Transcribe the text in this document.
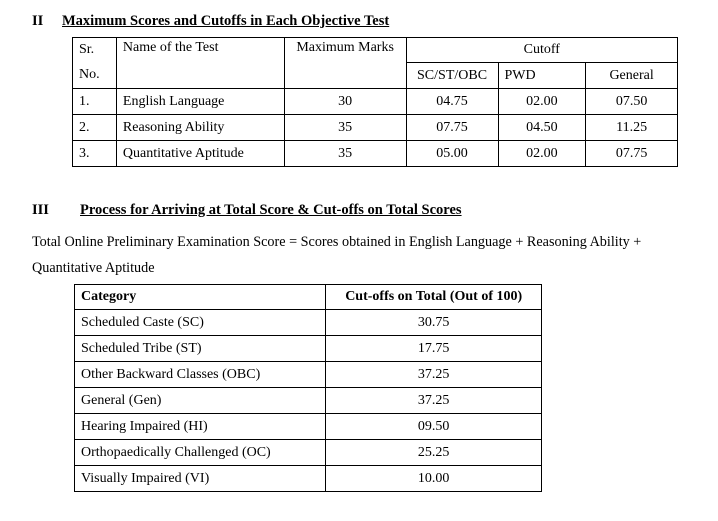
II Maximum Scores and Cutoffs in Each Objective Test
Sr.	Name of the Test	Maximum Marks	Cutoff		
No.			SC/ST/OBC	PWD	General
1.	English Language	30	04.75	02.00	07.50
2.	Reasoning Ability	35	07.75	04.50	11.25
3.	Quantitative Aptitude	35	05.00	02.00	07.75
III Process for Arriving at Total Score & Cut-offs on Total Scores
Total Online Preliminary Examination Score = Scores obtained in English Language + Reasoning Ability +
Quantitative Aptitude
Category	Cut-offs on Total (Out of 100)
Scheduled Caste (SC)	30.75
Scheduled Tribe (ST)	17.75
Other Backward Classes (OBC)	37.25
General (Gen)	37.25
Hearing Impaired (HI)	09.50
Orthopaedically Challenged (OC)	25.25
Visually Impaired (VI)	10.00
